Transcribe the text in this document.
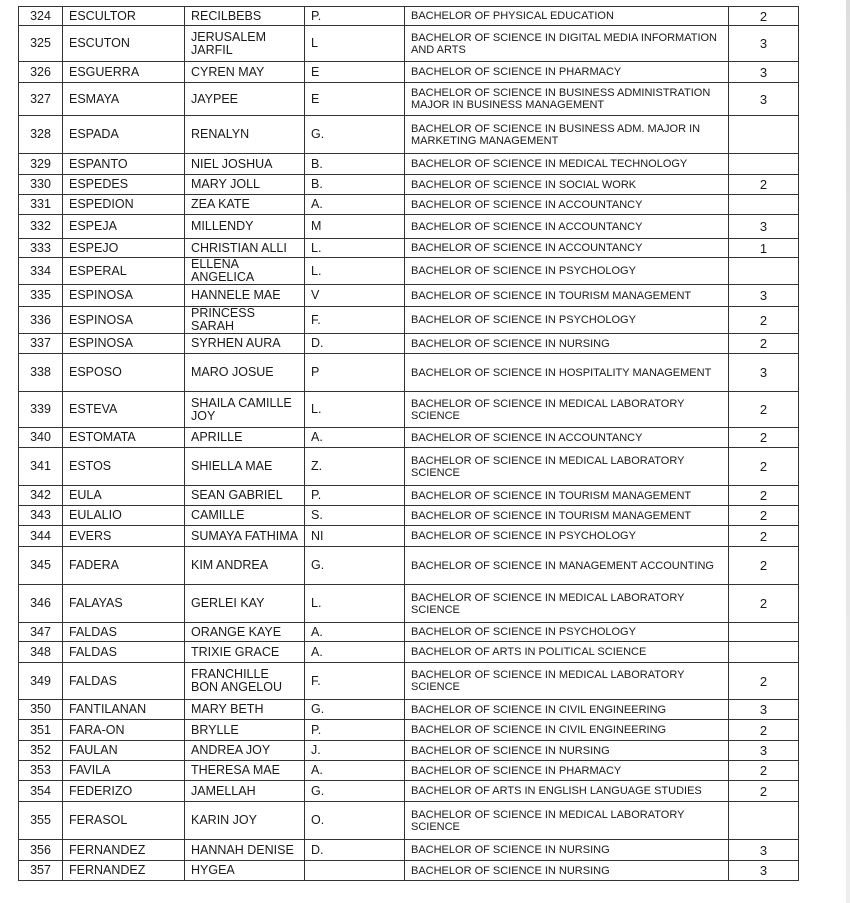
324	ESCULTOR	RECILBEBS	P.	BACHELOR OF PHYSICAL EDUCATION	2
325	ESCUTON	JERUSALEM JARFIL	L	BACHELOR OF SCIENCE IN DIGITAL MEDIA INFORMATION AND ARTS	3
326	ESGUERRA	CYREN MAY	E	BACHELOR OF SCIENCE IN PHARMACY	3
327	ESMAYA	JAYPEE	E	BACHELOR OF SCIENCE IN BUSINESS ADMINISTRATION MAJOR IN BUSINESS MANAGEMENT	3
328	ESPADA	RENALYN	G.	BACHELOR OF SCIENCE IN BUSINESS ADM. MAJOR IN MARKETING MANAGEMENT	
329	ESPANTO	NIEL JOSHUA	B.	BACHELOR OF SCIENCE IN MEDICAL TECHNOLOGY	
330	ESPEDES	MARY JOLL	B.	BACHELOR OF SCIENCE IN SOCIAL WORK	2
331	ESPEDION	ZEA KATE	A.	BACHELOR OF SCIENCE IN ACCOUNTANCY	
332	ESPEJA	MILLENDY	M	BACHELOR OF SCIENCE IN ACCOUNTANCY	3
333	ESPEJO	CHRISTIAN ALLI	L.	BACHELOR OF SCIENCE IN ACCOUNTANCY	1
334	ESPERAL	ELLENA ANGELICA	L.	BACHELOR OF SCIENCE IN PSYCHOLOGY	
335	ESPINOSA	HANNELE MAE	V	BACHELOR OF SCIENCE IN TOURISM MANAGEMENT	3
336	ESPINOSA	PRINCESS SARAH	F.	BACHELOR OF SCIENCE IN PSYCHOLOGY	2
337	ESPINOSA	SYRHEN AURA	D.	BACHELOR OF SCIENCE IN NURSING	2
338	ESPOSO	MARO JOSUE	P	BACHELOR OF SCIENCE IN HOSPITALITY MANAGEMENT	3
339	ESTEVA	SHAILA CAMILLE JOY	L.	BACHELOR OF SCIENCE IN MEDICAL LABORATORY SCIENCE	2
340	ESTOMATA	APRILLE	A.	BACHELOR OF SCIENCE IN ACCOUNTANCY	2
341	ESTOS	SHIELLA MAE	Z.	BACHELOR OF SCIENCE IN MEDICAL LABORATORY SCIENCE	2
342	EULA	SEAN GABRIEL	P.	BACHELOR OF SCIENCE IN TOURISM MANAGEMENT	2
343	EULALIO	CAMILLE	S.	BACHELOR OF SCIENCE IN TOURISM MANAGEMENT	2
344	EVERS	SUMAYA FATHIMA	NI	BACHELOR OF SCIENCE IN PSYCHOLOGY	2
345	FADERA	KIM ANDREA	G.	BACHELOR OF SCIENCE IN MANAGEMENT ACCOUNTING	2
346	FALAYAS	GERLEI KAY	L.	BACHELOR OF SCIENCE IN MEDICAL LABORATORY SCIENCE	2
347	FALDAS	ORANGE KAYE	A.	BACHELOR OF SCIENCE IN PSYCHOLOGY	
348	FALDAS	TRIXIE GRACE	A.	BACHELOR OF ARTS IN POLITICAL SCIENCE	
349	FALDAS	FRANCHILLE BON ANGELOU	F.	BACHELOR OF SCIENCE IN MEDICAL LABORATORY SCIENCE	2
350	FANTILANAN	MARY BETH	G.	BACHELOR OF SCIENCE IN CIVIL ENGINEERING	3
351	FARA-ON	BRYLLE	P.	BACHELOR OF SCIENCE IN CIVIL ENGINEERING	2
352	FAULAN	ANDREA JOY	J.	BACHELOR OF SCIENCE IN NURSING	3
353	FAVILA	THERESA MAE	A.	BACHELOR OF SCIENCE IN PHARMACY	2
354	FEDERIZO	JAMELLAH	G.	BACHELOR OF ARTS IN ENGLISH LANGUAGE STUDIES	2
355	FERASOL	KARIN JOY	O.	BACHELOR OF SCIENCE IN MEDICAL LABORATORY SCIENCE	
356	FERNANDEZ	HANNAH DENISE	D.	BACHELOR OF SCIENCE IN NURSING	3
357	FERNANDEZ	HYGEA		BACHELOR OF SCIENCE IN NURSING	3
